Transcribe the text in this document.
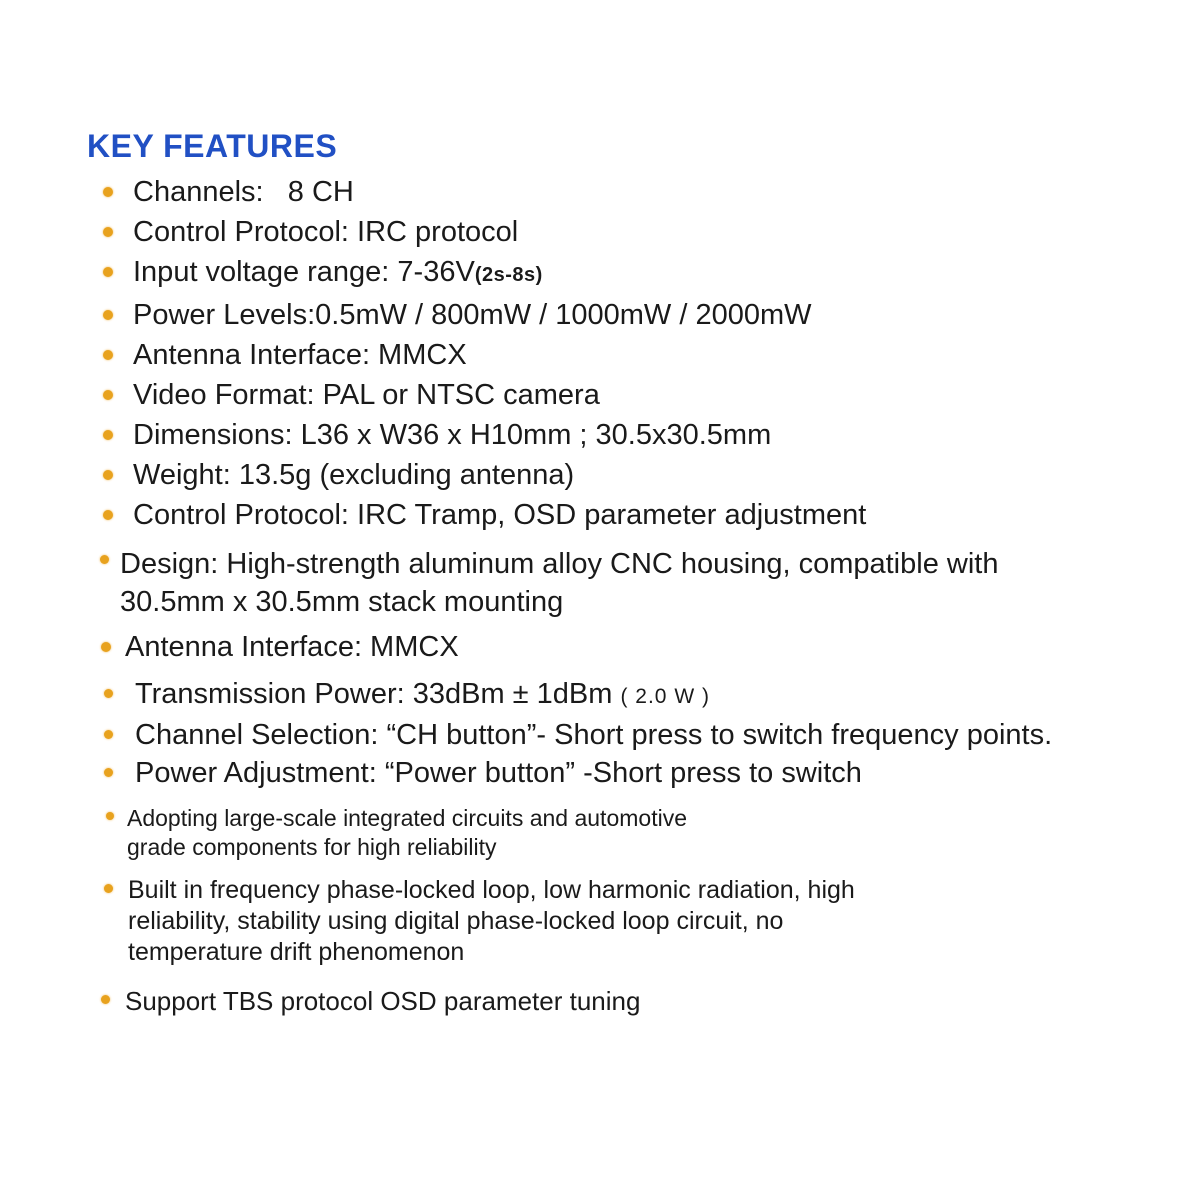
KEY FEATURES
Channels:   8 CH
Control Protocol: IRC protocol
Input voltage range: 7-36V(2s-8s)
Power Levels:0.5mW / 800mW / 1000mW / 2000mW
Antenna Interface: MMCX
Video Format: PAL or NTSC camera
Dimensions: L36 x W36 x H10mm ; 30.5x30.5mm
Weight: 13.5g (excluding antenna)
Control Protocol: IRC Tramp, OSD parameter adjustment
Design: High-strength aluminum alloy CNC housing, compatible with
30.5mm x 30.5mm stack mounting
Antenna Interface: MMCX
Transmission Power: 33dBm ± 1dBm ( 2.0 W )
Channel Selection: “CH button”- Short press to switch frequency points.
Power Adjustment: “Power button” -Short press to switch
Adopting large-scale integrated circuits and automotive
grade components for high reliability
Built in frequency phase-locked loop, low harmonic radiation, high
reliability, stability using digital phase-locked loop circuit, no
temperature drift phenomenon
Support TBS protocol OSD parameter tuning
